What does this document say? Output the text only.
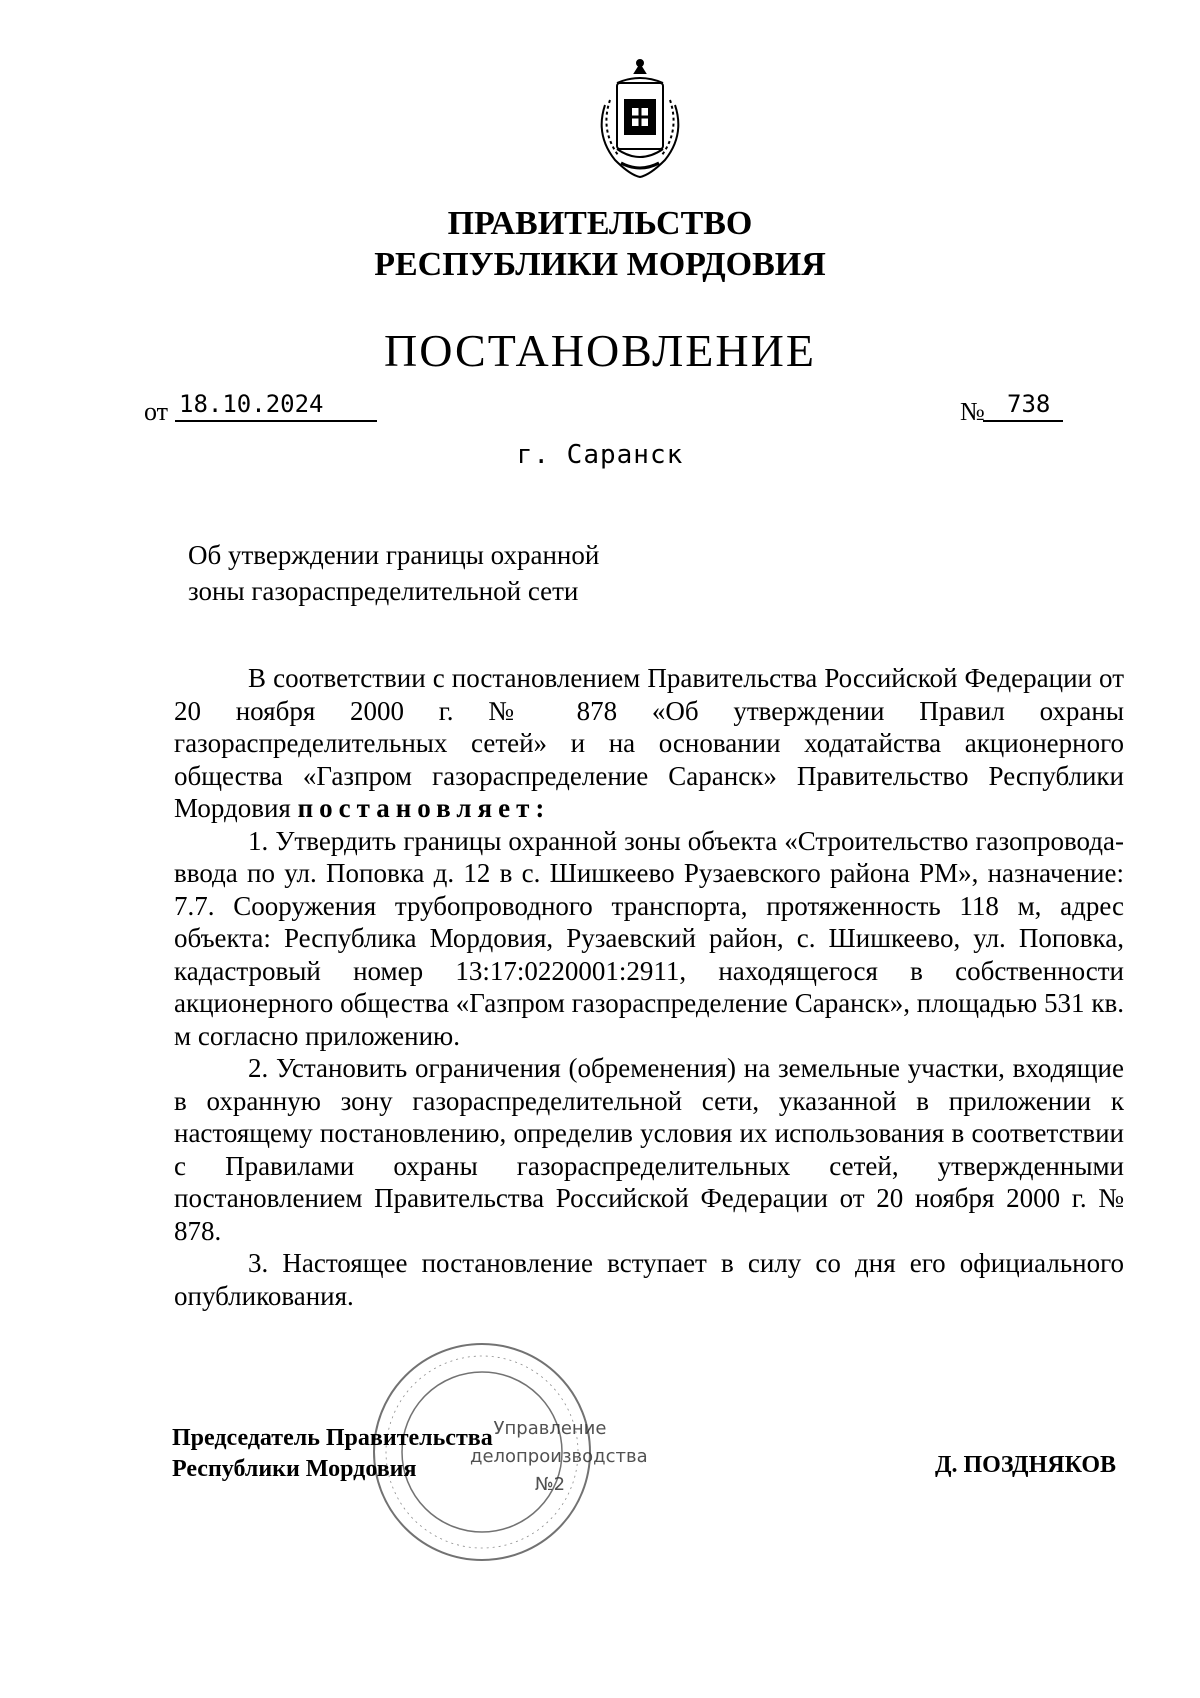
ПРАВИТЕЛЬСТВО
РЕСПУБЛИКИ МОРДОВИЯ
ПОСТАНОВЛЕНИЕ
от 18.10.2024	№ 738
г. Саранск
Об утверждении границы охранной
зоны газораспределительной сети

В соответствии с постановлением Правительства Российской Федерации от 20 ноября 2000 г. № 878 «Об утверждении Правил охраны газораспределительных сетей» и на основании ходатайства акционерного общества «Газпром газораспределение Саранск» Правительство Республики Мордовия постановляет:

1. Утвердить границы охранной зоны объекта «Строительство газопровода-ввода по ул. Поповка д. 12 в с. Шишкеево Рузаевского района РМ», назначение: 7.7. Сооружения трубопроводного транспорта, протяженность 118 м, адрес объекта: Республика Мордовия, Рузаевский район, с. Шишкеево, ул. Поповка, кадастровый номер 13:17:0220001:2911, находящегося в собственности акционерного общества «Газпром газораспределение Саранск», площадью 531 кв. м согласно приложению.

2. Установить ограничения (обременения) на земельные участки, входящие в охранную зону газораспределительной сети, указанной в приложении к настоящему постановлению, определив условия их использования в соответствии с Правилами охраны газораспределительных сетей, утвержденными постановлением Правительства Российской Федерации от 20 ноября 2000 г. № 878.

3. Настоящее постановление вступает в силу со дня его официального опубликования.

Управление
делопроизводства
№2
Председатель Правительства
Республики Мордовия	Д. ПОЗДНЯКОВ
